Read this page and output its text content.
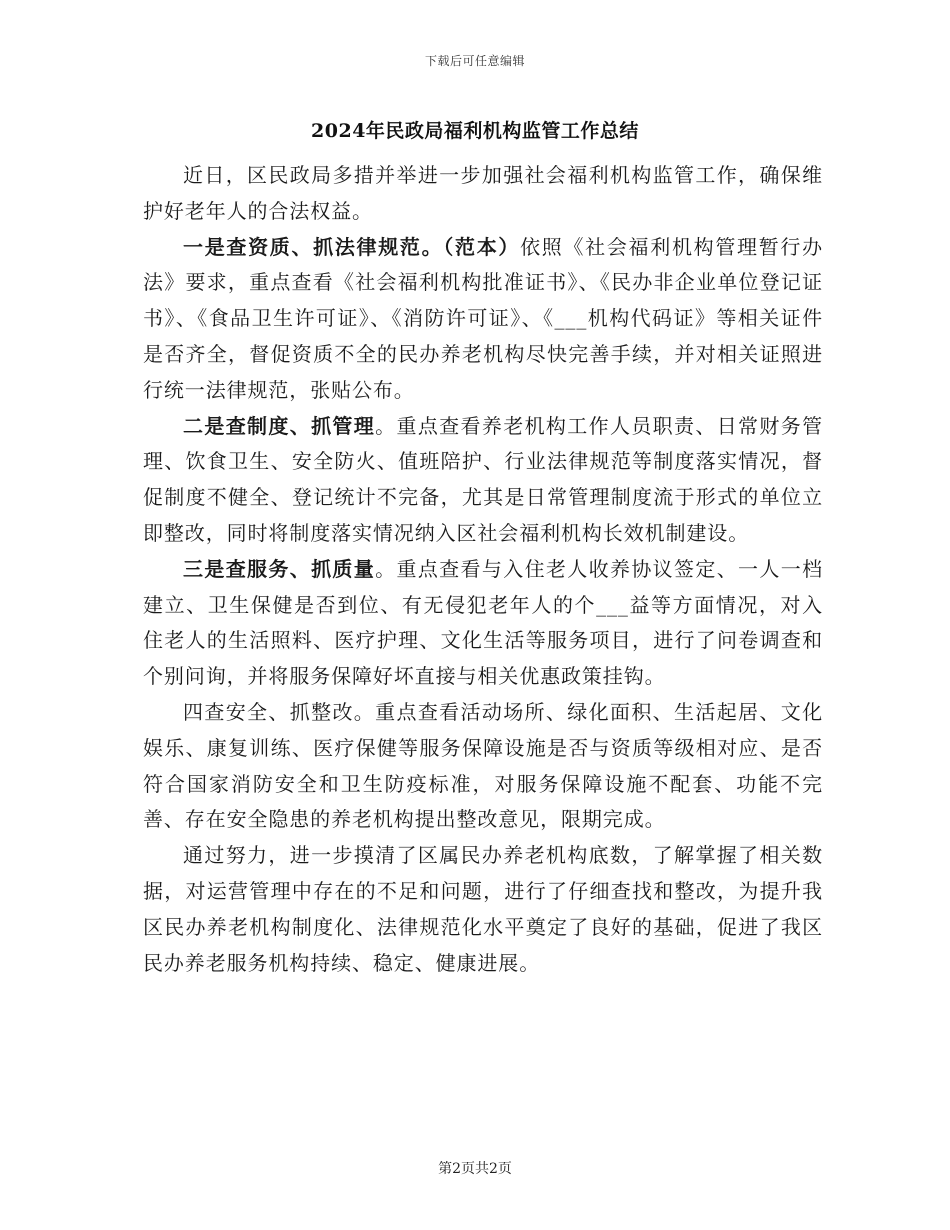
下载后可任意编辑
2024年民政局福利机构监管工作总结

近日，区民政局多措并举进一步加强社会福利机构监管工作，确保维护好老年人的合法权益。

一是查资质、抓法律规范。（范本）依照《社会福利机构管理暂行办法》要求，重点查看《社会福利机构批准证书》、《民办非企业单位登记证书》、《食品卫生许可证》、《消防许可证》、《___机构代码证》等相关证件是否齐全，督促资质不全的民办养老机构尽快完善手续，并对相关证照进行统一法律规范，张贴公布。

二是查制度、抓管理。重点查看养老机构工作人员职责、日常财务管理、饮食卫生、安全防火、值班陪护、行业法律规范等制度落实情况，督促制度不健全、登记统计不完备，尤其是日常管理制度流于形式的单位立即整改，同时将制度落实情况纳入区社会福利机构长效机制建设。

三是查服务、抓质量。重点查看与入住老人收养协议签定、一人一档建立、卫生保健是否到位、有无侵犯老年人的个___益等方面情况，对入住老人的生活照料、医疗护理、文化生活等服务项目，进行了问卷调查和个别问询，并将服务保障好坏直接与相关优惠政策挂钩。

四查安全、抓整改。重点查看活动场所、绿化面积、生活起居、文化娱乐、康复训练、医疗保健等服务保障设施是否与资质等级相对应、是否符合国家消防安全和卫生防疫标准，对服务保障设施不配套、功能不完善、存在安全隐患的养老机构提出整改意见，限期完成。

通过努力，进一步摸清了区属民办养老机构底数，了解掌握了相关数据，对运营管理中存在的不足和问题，进行了仔细查找和整改，为提升我区民办养老机构制度化、法律规范化水平奠定了良好的基础，促进了我区民办养老服务机构持续、稳定、健康进展。

第2页共2页
